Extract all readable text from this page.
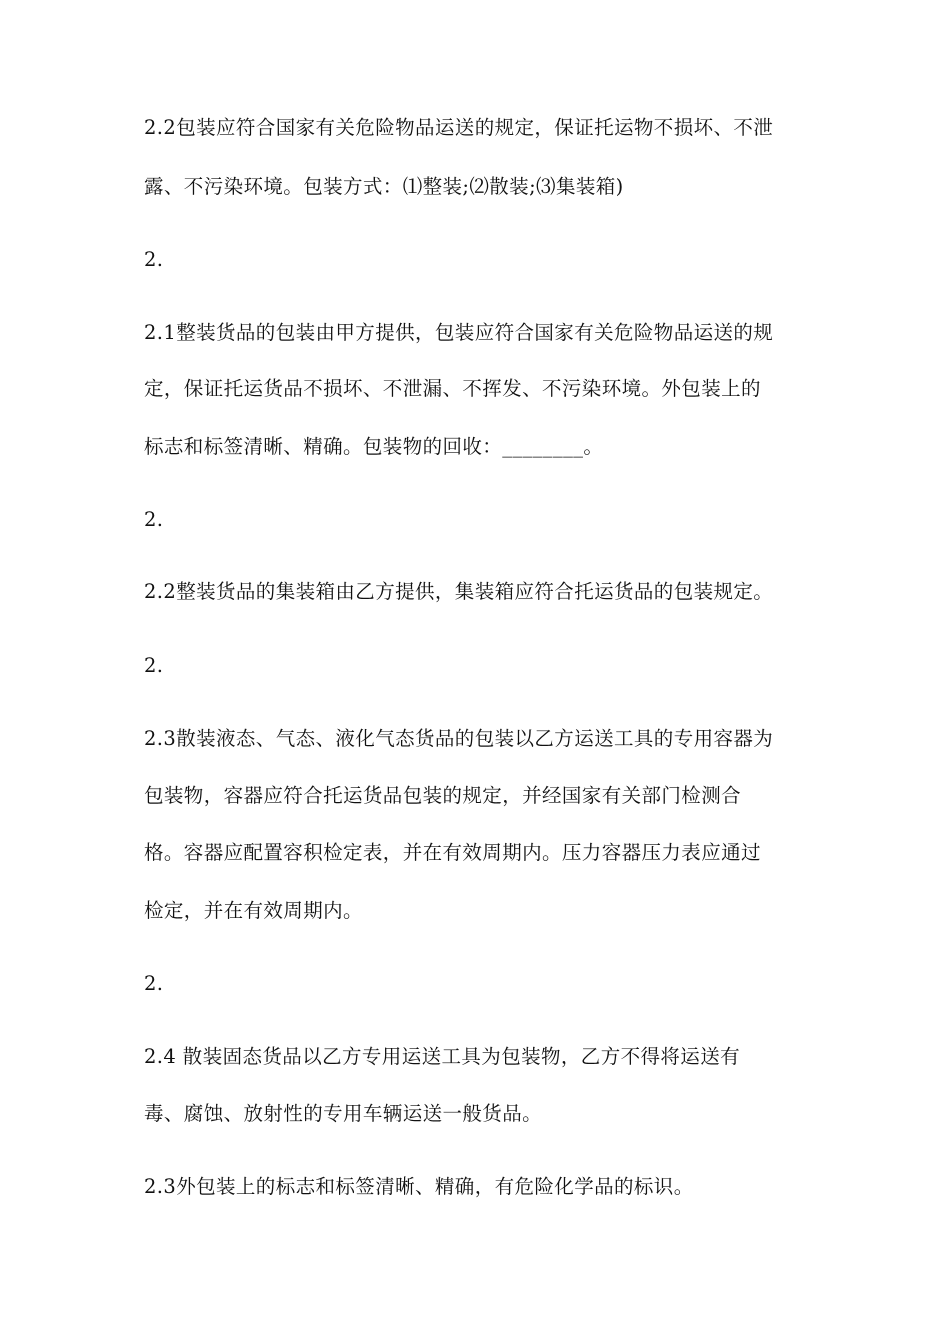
2.2包装应符合国家有关危险物品运送的规定，保证托运物不损坏、不泄
露、不污染环境。包装方式：⑴整装;⑵散装;⑶集装箱)
2.
2.1整装货品的包装由甲方提供，包装应符合国家有关危险物品运送的规
定，保证托运货品不损坏、不泄漏、不挥发、不污染环境。外包装上的
标志和标签清晰、精确。包装物的回收：________。
2.
2.2整装货品的集装箱由乙方提供，集装箱应符合托运货品的包装规定。
2.
2.3散装液态、气态、液化气态货品的包装以乙方运送工具的专用容器为
包装物，容器应符合托运货品包装的规定，并经国家有关部门检测合
格。容器应配置容积检定表，并在有效周期内。压力容器压力表应通过
检定，并在有效周期内。
2.
2.4 散装固态货品以乙方专用运送工具为包装物，乙方不得将运送有
毒、腐蚀、放射性的专用车辆运送一般货品。
2.3外包装上的标志和标签清晰、精确，有危险化学品的标识。
